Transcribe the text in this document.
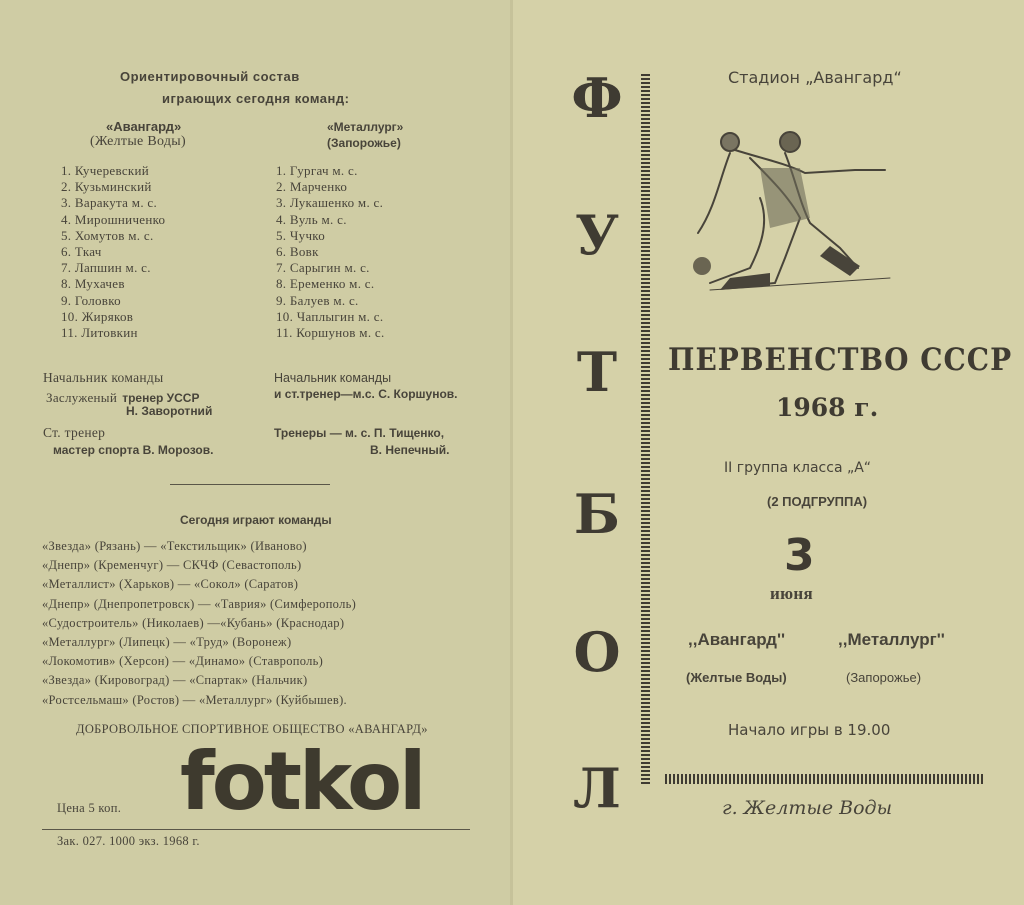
Ориентировочный состав
играющих сегодня команд:
«Авангард»
(Желтые Воды)
«Металлург»
(Запорожье)
1. Кучеревский
2. Кузьминский
3. Варакута м. с.
4. Мирошниченко
5. Хомутов м. с.
6. Ткач
7. Лапшин м. с.
8. Мухачев
9. Головко
10. Жиряков
11. Литовкин
1. Гургач м. с.
2. Марченко
3. Лукашенко м. с.
4. Вуль м. с.
5. Чучко
6. Вовк
7. Сарыгин м. с.
8. Еременко м. с.
9. Балуев м. с.
10. Чаплыгин м. с.
11. Коршунов м. с.
Начальник команды
Заслуженый тренер УССР
Н. Заворотний
Ст. тренер
мастер спорта В. Морозов.
Начальник команды
и ст.тренер—м.с. С. Коршунов.
Тренеры — м. с. П. Тищенко,
В. Непечный.
Сегодня играют команды
«Звезда» (Рязань) — «Текстильщик» (Иваново)
«Днепр» (Кременчуг) — СКЧФ (Севастополь)
«Металлист» (Харьков) — «Сокол» (Саратов)
«Днепр» (Днепропетровск) — «Таврия» (Симферополь)
«Судостроитель» (Николаев) —«Кубань» (Краснодар)
«Металлург» (Липецк) — «Труд» (Воронеж)
«Локомотив» (Херсон) — «Динамо» (Ставрополь)
«Звезда» (Кировоград) — «Спартак» (Нальчик)
«Ростсельмаш» (Ростов) — «Металлург» (Куйбышев).
ДОБРОВОЛЬНОЕ СПОРТИВНОЕ ОБЩЕСТВО «АВАНГАРД»
Цена 5 коп.
Зак. 027. 1000 экз. 1968 г.
Ф
У
Т
Б
О
Л
Стадион „Авангард“
ПЕРВЕНСТВО СССР
1968 г.
II группа класса „А“
(2 ПОДГРУППА)
3
июня
,,Авангард''
(Желтые Воды)
,,Металлург''
(Запорожье)
Начало игры в 19.00
г. Желтые Воды
fotkol
